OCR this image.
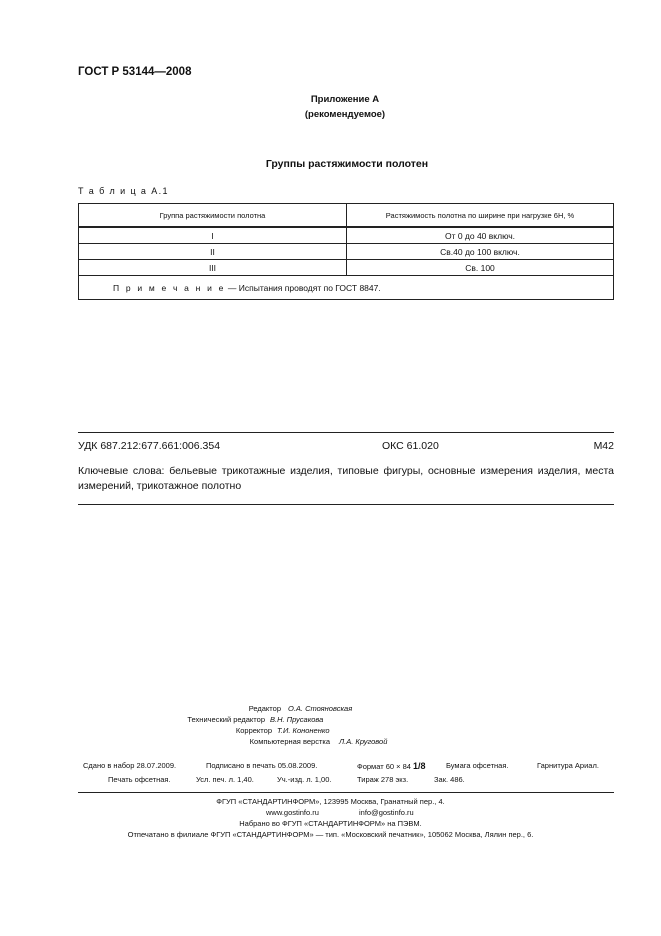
ГОСТ Р 53144—2008
Приложение А
(рекомендуемое)
Группы растяжимости полотен
Т а б л и ц а А.1
Группа растяжимости полотна	Растяжимость полотна по ширине при нагрузке 6Н, %
I	От 0 до 40 включ.
II	Св.40 до 100 включ.
III	Св. 100
П р и м е ч а н и е — Испытания проводят по ГОСТ 8847.	
УДК 687.212:677.661:006.354	ОКС 61.020	М42
Ключевые слова: бельевые трикотажные изделия, типовые фигуры, основные измерения изделия, места измерений, трикотажное полотно
Редактор О.А. Стояновская
Технический редактор В.Н. Прусакова
Корректор Т.И. Кононенко
Компьютерная верстка Л.А. Круговой
Сдано в набор 28.07.2009.	Подписано в печать 05.08.2009.	Формат 60 × 84 1/8	Бумага офсетная.	Гарнитура Ариал.
Печать офсетная.	Усл. печ. л. 1,40.	Уч.-изд. л. 1,00.	Тираж 278 экз.	Зак. 486.
ФГУП «СТАНДАРТИНФОРМ», 123995 Москва, Гранатный пер., 4.
www.gostinfo.ru	info@gostinfo.ru
Набрано во ФГУП «СТАНДАРТИНФОРМ» на ПЭВМ.
Отпечатано в филиале ФГУП «СТАНДАРТИНФОРМ» — тип. «Московский печатник», 105062 Москва, Лялин пер., 6.
